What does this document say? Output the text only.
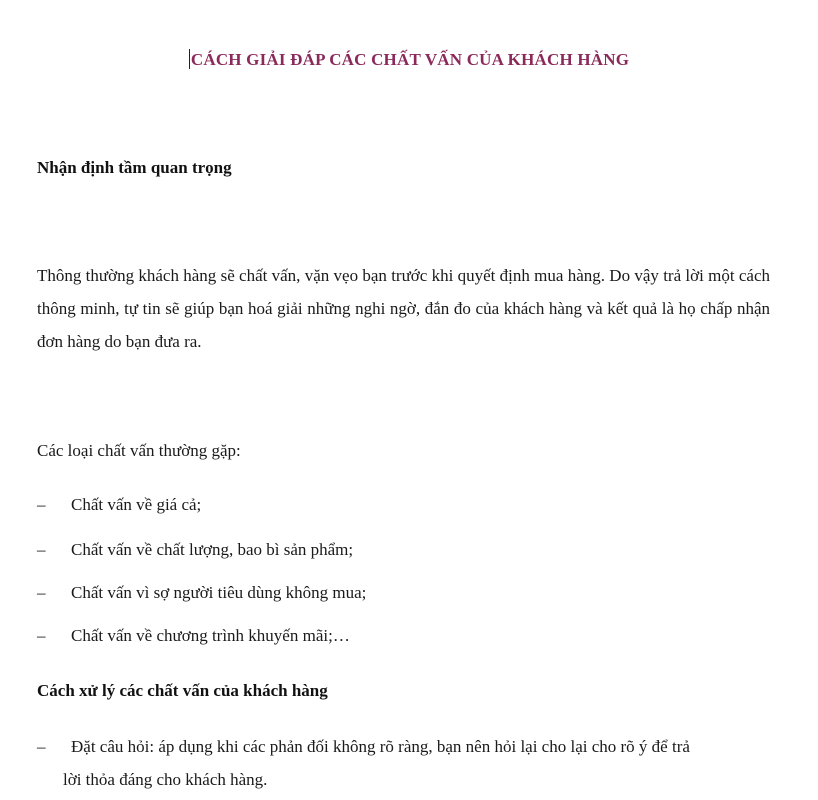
CÁCH GIẢI ĐÁP CÁC CHẤT VẤN CỦA KHÁCH HÀNG
Nhận định tầm quan trọng
Thông thường khách hàng sẽ chất vấn, vặn vẹo bạn trước khi quyết định mua hàng. Do vậy trả lời một cách thông minh, tự tin sẽ giúp bạn hoá giải những nghi ngờ, đắn đo của khách hàng và kết quả là họ chấp nhận đơn hàng do bạn đưa ra.
Các loại chất vấn thường gặp:
–	Chất vấn về giá cả;
–	Chất vấn về chất lượng, bao bì sản phẩm;
–	Chất vấn vì sợ người tiêu dùng không mua;
–	Chất vấn về chương trình khuyến mãi;…
Cách xử lý các chất vấn của khách hàng
–	Đặt câu hỏi: áp dụng khi các phản đối không rõ ràng, bạn nên hỏi lại cho lại cho rõ ý để trả
lời thỏa đáng cho khách hàng.
